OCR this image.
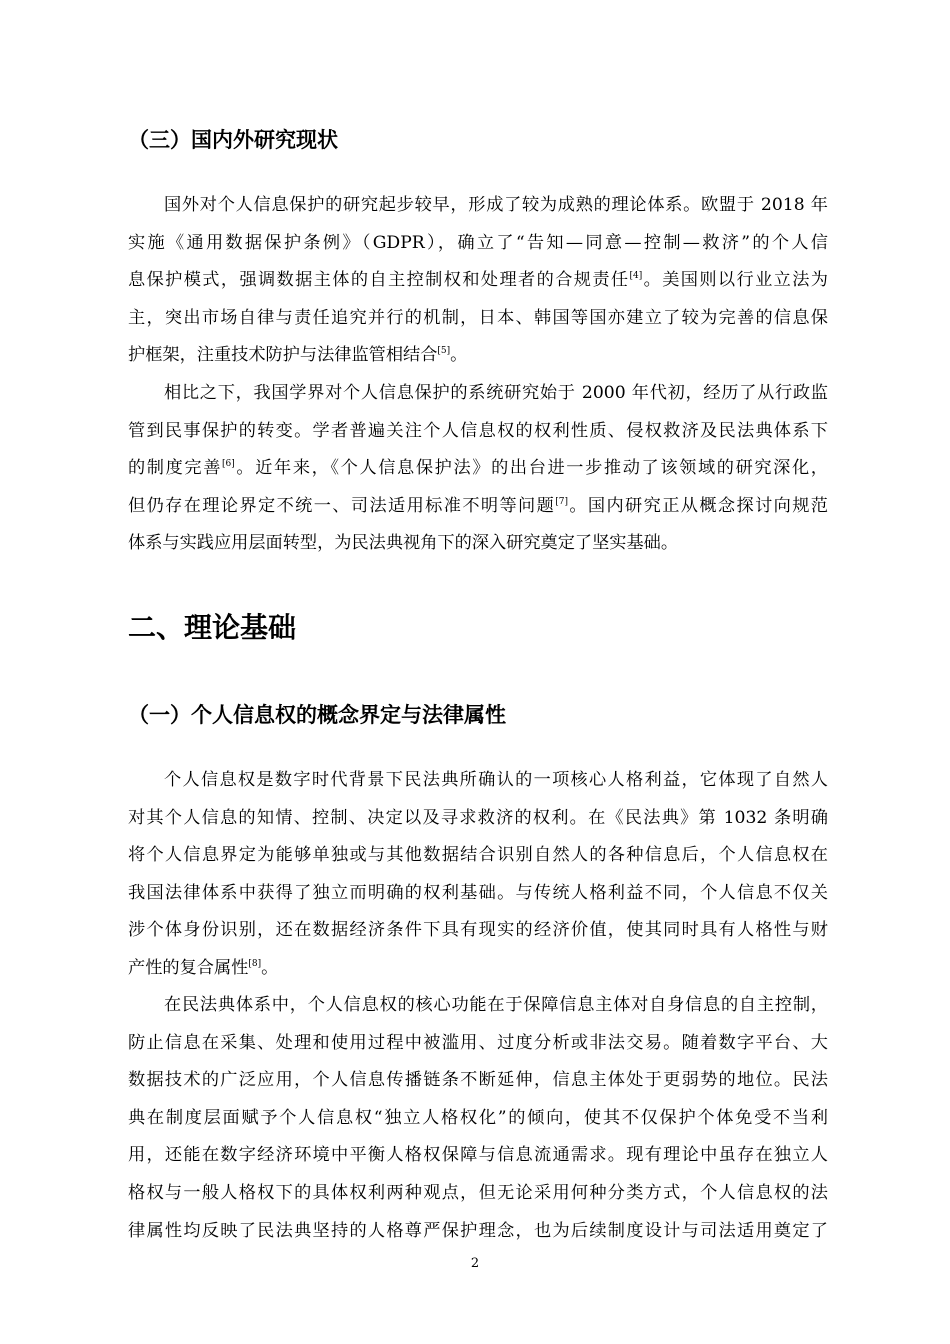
（三）国内外研究现状
国外对个人信息保护的研究起步较早，形成了较为成熟的理论体系。欧盟于 2018 年
实施《通用数据保护条例》（GDPR），确立了“告知—同意—控制—救济”的个人信
息保护模式，强调数据主体的自主控制权和处理者的合规责任[4]。美国则以行业立法为
主，突出市场自律与责任追究并行的机制，日本、韩国等国亦建立了较为完善的信息保
护框架，注重技术防护与法律监管相结合[5]。
相比之下，我国学界对个人信息保护的系统研究始于 2000 年代初，经历了从行政监
管到民事保护的转变。学者普遍关注个人信息权的权利性质、侵权救济及民法典体系下
的制度完善[6]。近年来，《个人信息保护法》的出台进一步推动了该领域的研究深化，
但仍存在理论界定不统一、司法适用标准不明等问题[7]。国内研究正从概念探讨向规范
体系与实践应用层面转型，为民法典视角下的深入研究奠定了坚实基础。
二、理论基础
（一）个人信息权的概念界定与法律属性
个人信息权是数字时代背景下民法典所确认的一项核心人格利益，它体现了自然人
对其个人信息的知情、控制、决定以及寻求救济的权利。在《民法典》第 1032 条明确
将个人信息界定为能够单独或与其他数据结合识别自然人的各种信息后，个人信息权在
我国法律体系中获得了独立而明确的权利基础。与传统人格利益不同，个人信息不仅关
涉个体身份识别，还在数据经济条件下具有现实的经济价值，使其同时具有人格性与财
产性的复合属性[8]。
在民法典体系中，个人信息权的核心功能在于保障信息主体对自身信息的自主控制，
防止信息在采集、处理和使用过程中被滥用、过度分析或非法交易。随着数字平台、大
数据技术的广泛应用，个人信息传播链条不断延伸，信息主体处于更弱势的地位。民法
典在制度层面赋予个人信息权“独立人格权化”的倾向，使其不仅保护个体免受不当利
用，还能在数字经济环境中平衡人格权保障与信息流通需求。现有理论中虽存在独立人
格权与一般人格权下的具体权利两种观点，但无论采用何种分类方式，个人信息权的法
律属性均反映了民法典坚持的人格尊严保护理念，也为后续制度设计与司法适用奠定了
2
